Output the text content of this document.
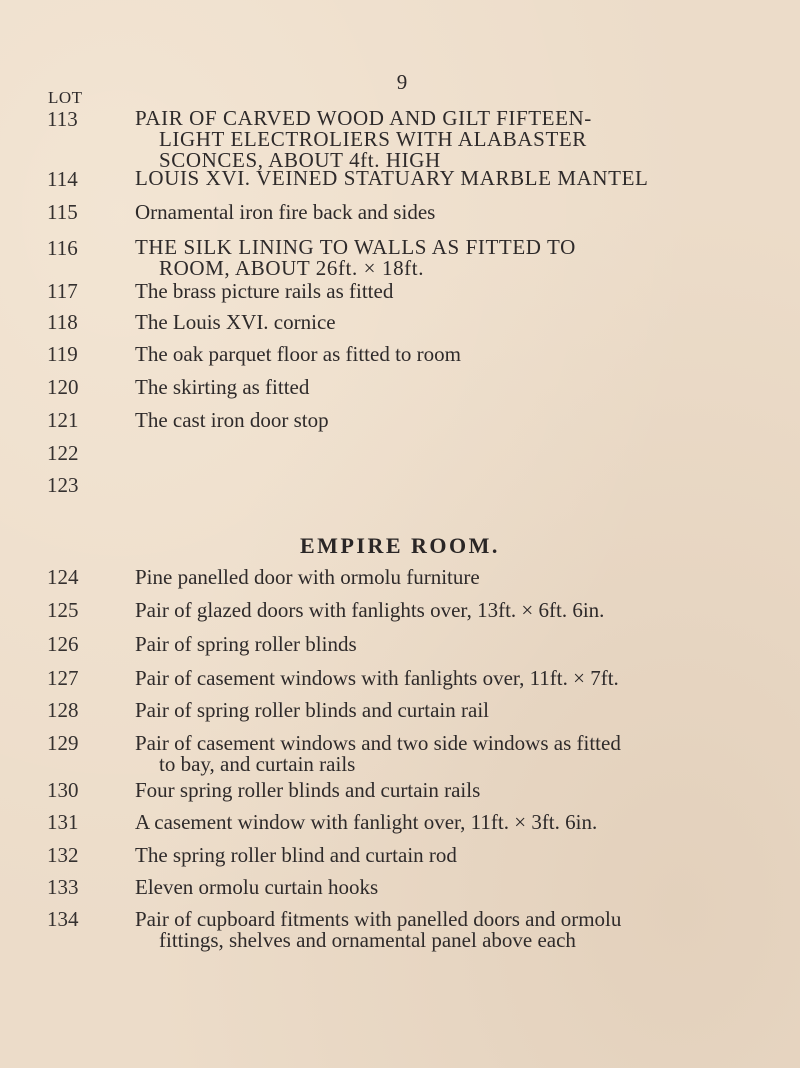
9
LOT
113	PAIR OF CARVED WOOD AND GILT FIFTEEN-
LIGHT ELECTROLIERS WITH ALABASTER
SCONCES, ABOUT 4ft. HIGH
114	LOUIS XVI. VEINED STATUARY MARBLE MANTEL
115	Ornamental iron fire back and sides
116	THE SILK LINING TO WALLS AS FITTED TO
ROOM, ABOUT 26ft. × 18ft.
117	The brass picture rails as fitted
118	The Louis XVI. cornice
119	The oak parquet floor as fitted to room
120	The skirting as fitted
121	The cast iron door stop
122
123
EMPIRE ROOM.
124	Pine panelled door with ormolu furniture
125	Pair of glazed doors with fanlights over, 13ft. × 6ft. 6in.
126	Pair of spring roller blinds
127	Pair of casement windows with fanlights over, 11ft. × 7ft.
128	Pair of spring roller blinds and curtain rail
129	Pair of casement windows and two side windows as fitted
to bay, and curtain rails
130	Four spring roller blinds and curtain rails
131	A casement window with fanlight over, 11ft. × 3ft. 6in.
132	The spring roller blind and curtain rod
133	Eleven ormolu curtain hooks
134	Pair of cupboard fitments with panelled doors and ormolu
fittings, shelves and ornamental panel above each
